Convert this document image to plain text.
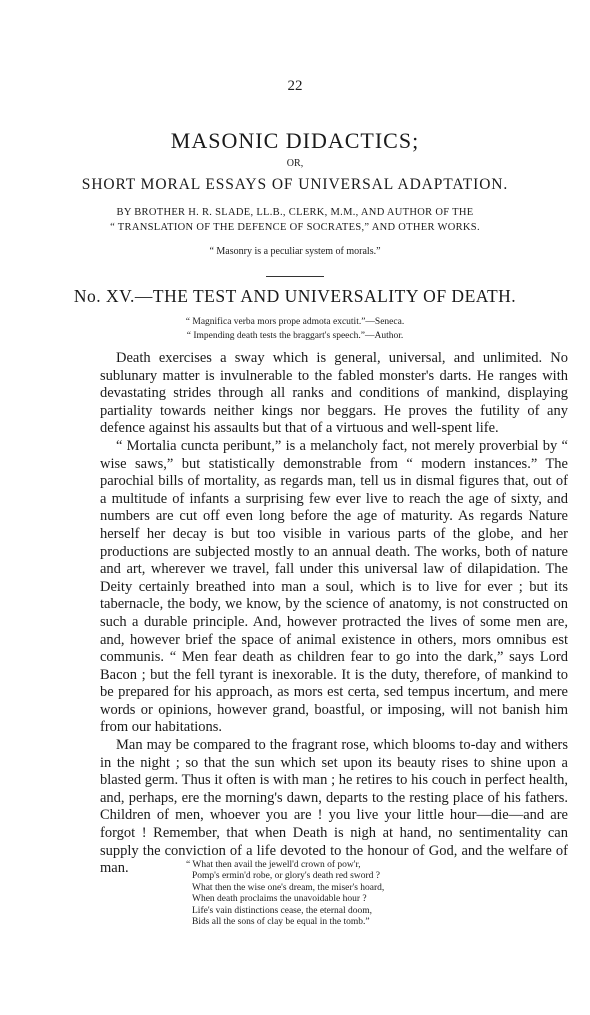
22
MASONIC DIDACTICS;
OR,
SHORT MORAL ESSAYS OF UNIVERSAL ADAPTATION.
BY BROTHER H. R. SLADE, LL.B., CLERK, M.M., AND AUTHOR OF THE
“ TRANSLATION OF THE DEFENCE OF SOCRATES,” AND OTHER WORKS.
“ Masonry is a peculiar system of morals.”
No. XV.—THE TEST AND UNIVERSALITY OF DEATH.
“ Magnifica verba mors prope admota excutit.”—Seneca.
“ Impending death tests the braggart's speech.”—Author.

Death exercises a sway which is general, universal, and unlimited. No sublunary matter is invulnerable to the fabled monster's darts. He ranges with devastating strides through all ranks and conditions of mankind, displaying partiality towards neither kings nor beggars. He proves the futility of any defence against his assaults but that of a virtuous and well-spent life.

“ Mortalia cuncta peribunt,” is a melancholy fact, not merely proverbial by “ wise saws,” but statistically demonstrable from “ modern instances.” The parochial bills of mortality, as regards man, tell us in dismal figures that, out of a multitude of infants a surprising few ever live to reach the age of sixty, and numbers are cut off even long before the age of maturity. As regards Nature herself her decay is but too visible in various parts of the globe, and her productions are subjected mostly to an annual death. The works, both of nature and art, wherever we travel, fall under this universal law of dilapidation. The Deity certainly breathed into man a soul, which is to live for ever ; but its tabernacle, the body, we know, by the science of anatomy, is not constructed on such a durable principle. And, however protracted the lives of some men are, and, however brief the space of animal existence in others, mors omnibus est communis. “ Men fear death as children fear to go into the dark,” says Lord Bacon ; but the fell tyrant is inexorable. It is the duty, therefore, of mankind to be prepared for his approach, as mors est certa, sed tempus incertum, and mere words or opinions, however grand, boastful, or imposing, will not banish him from our habitations.

Man may be compared to the fragrant rose, which blooms to-day and withers in the night ; so that the sun which set upon its beauty rises to shine upon a blasted germ. Thus it often is with man ; he retires to his couch in perfect health, and, perhaps, ere the morning's dawn, departs to the resting place of his fathers. Children of men, whoever you are ! you live your little hour—die—and are forgot ! Remember, that when Death is nigh at hand, no sentimentality can supply the conviction of a life devoted to the honour of God, and the welfare of man.	“ What then avail the jewell'd crown of pow'r,
Pomp's ermin'd robe, or glory's death red sword ?
What then the wise one's dream, the miser's hoard,
When death proclaims the unavoidable hour ?
Life's vain distinctions cease, the eternal doom,
Bids all the sons of clay be equal in the tomb.”
